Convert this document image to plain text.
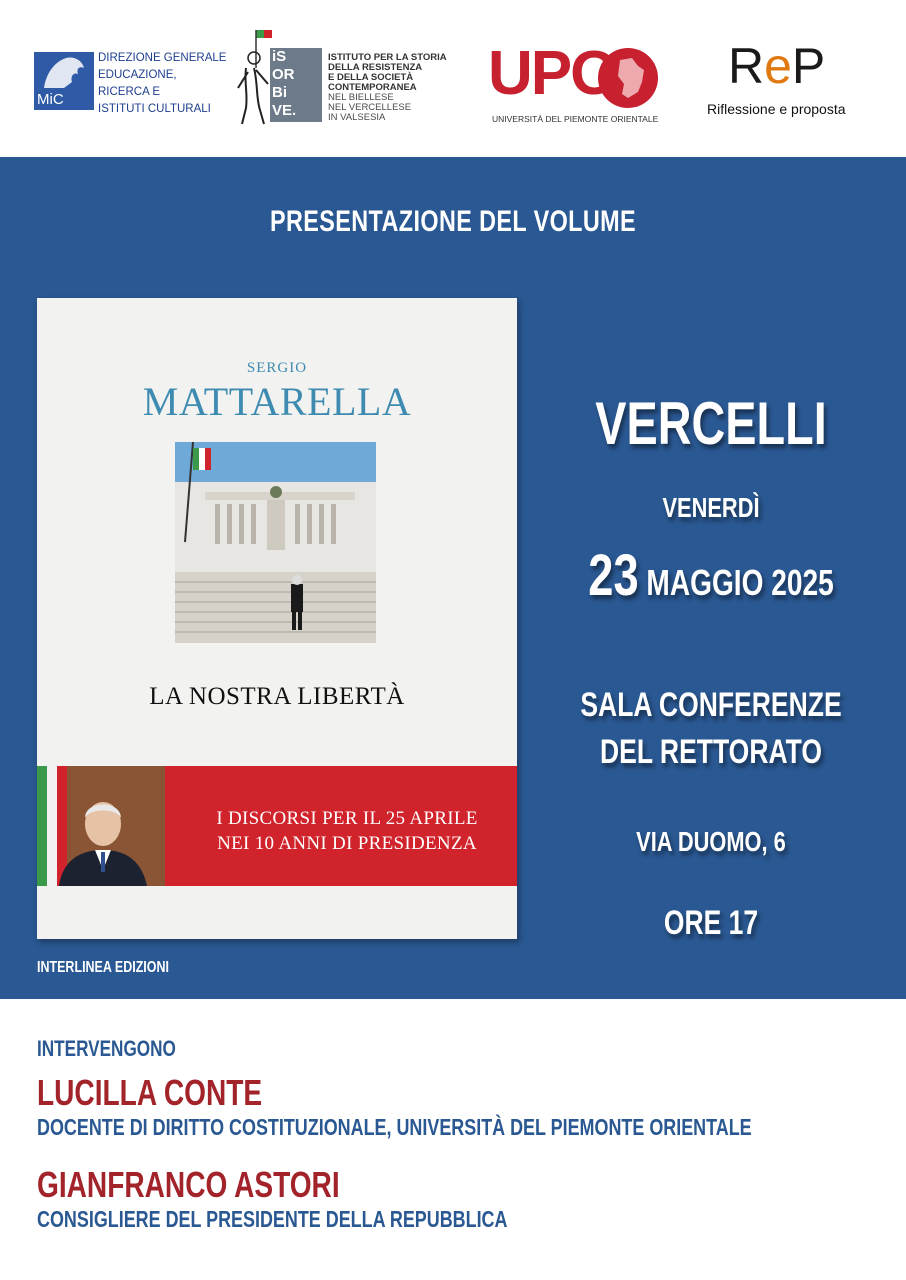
MiC
DIREZIONE GENERALE
EDUCAZIONE,
RICERCA E
ISTITUTI CULTURALI
iS
OR
Bi
VE.
ISTITUTO PER LA STORIA
DELLA RESISTENZA
E DELLA SOCIETÀ
CONTEMPORANEA
NEL BIELLESE
NEL VERCELLESE
IN VALSESIA
UPO
UNIVERSITÀ DEL PIEMONTE ORIENTALE
ReP
Riflessione e proposta
PRESENTAZIONE DEL VOLUME
SERGIO
MATTARELLA
LA NOSTRA LIBERTÀ
I DISCORSI PER IL 25 APRILE
NEI 10 ANNI DI PRESIDENZA
INTERLINEA EDIZIONI
VERCELLI
VENERDÌ
23 MAGGIO 2025
SALA CONFERENZE
DEL RETTORATO
VIA DUOMO, 6
ORE 17
INTERVENGONO
LUCILLA CONTE
DOCENTE DI DIRITTO COSTITUZIONALE, UNIVERSITÀ DEL PIEMONTE ORIENTALE
GIANFRANCO ASTORI
CONSIGLIERE DEL PRESIDENTE DELLA REPUBBLICA
